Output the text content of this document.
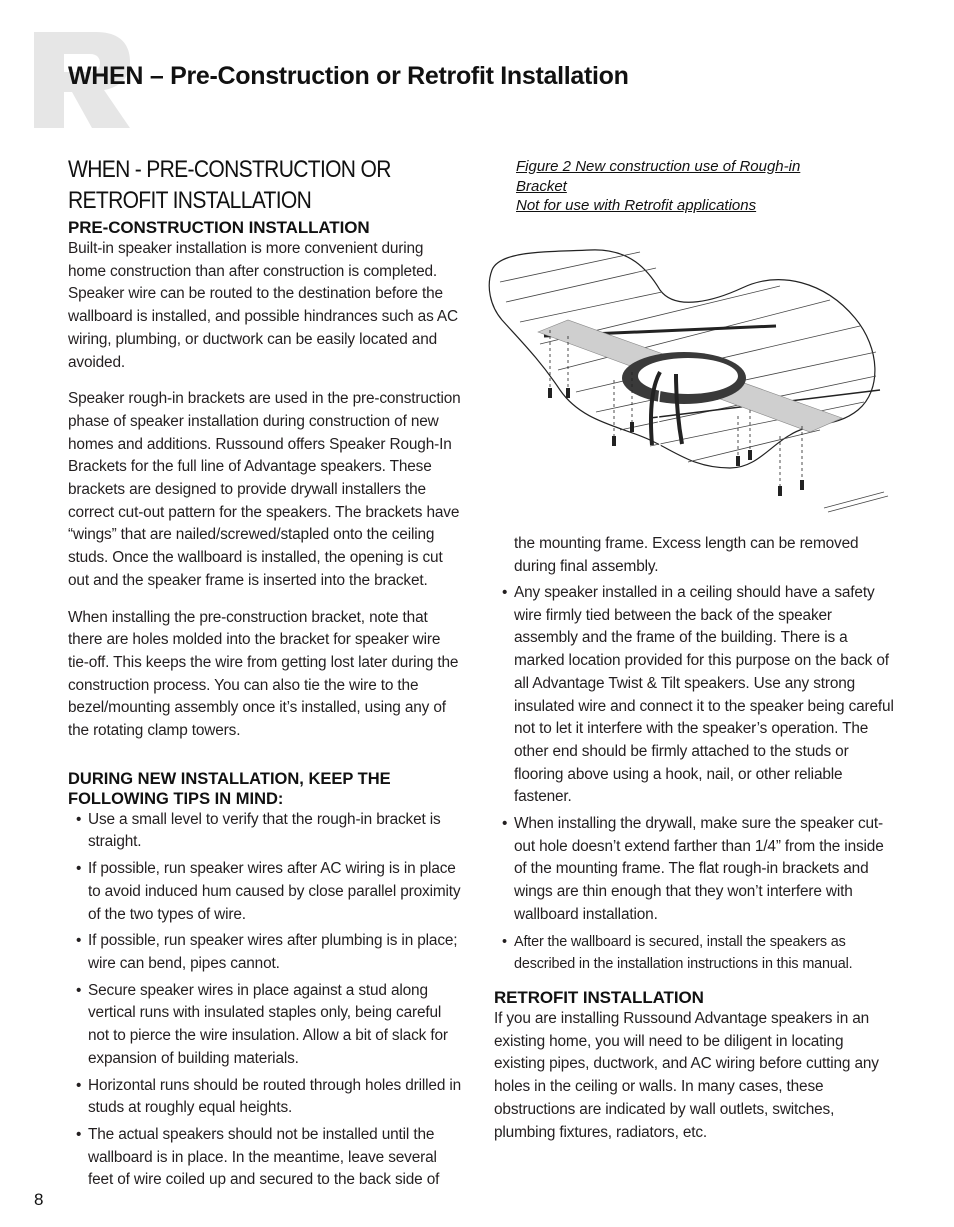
WHEN – Pre-Construction or Retrofit Installation
WHEN - PRE-CONSTRUCTION OR RETROFIT INSTALLATION
PRE-CONSTRUCTION INSTALLATION

Built-in speaker installation is more convenient during home construction than after construction is completed. Speaker wire can be routed to the destination before the wallboard is installed, and possible hindrances such as AC wiring, plumbing, or ductwork can be easily located and avoided.

Speaker rough-in brackets are used in the pre-construction phase of speaker installation during construction of new homes and additions. Russound offers Speaker Rough-In Brackets for the full line of Advantage speakers. These brackets are designed to provide drywall installers the correct cut-out pattern for the speakers. The brackets have “wings” that are nailed/screwed/stapled onto the ceiling studs. Once the wallboard is installed, the opening is cut out and the speaker frame is inserted into the bracket.

When installing the pre-construction bracket, note that there are holes molded into the bracket for speaker wire tie-off. This keeps the wire from getting lost later during the construction process. You can also tie the wire to the bezel/mounting assembly once it’s installed, using any of the rotating clamp towers.

DURING NEW INSTALLATION, KEEP THE FOLLOWING TIPS IN MIND:
• Use a small level to verify that the rough-in bracket is straight.
• If possible, run speaker wires after AC wiring is in place to avoid induced hum caused by close parallel proximity of the two types of wire.
• If possible, run speaker wires after plumbing is in place; wire can bend, pipes cannot.
• Secure speaker wires in place against a stud along vertical runs with insulated staples only, being careful not to pierce the wire insulation. Allow a bit of slack for expansion of building materials.
• Horizontal runs should be routed through holes drilled in studs at roughly equal heights.
• The actual speakers should not be installed until the wallboard is in place. In the meantime, leave several feet of wire coiled up and secured to the back side of
Figure 2 New construction use of Rough-in
Bracket
Not for use with Retrofit applications

the mounting frame. Excess length can be removed during final assembly.

• Any speaker installed in a ceiling should have a safety wire firmly tied between the back of the speaker assembly and the frame of the building. There is a marked location provided for this purpose on the back of all Advantage Twist & Tilt speakers. Use any strong insulated wire and connect it to the speaker being careful not to let it interfere with the speaker’s operation. The other end should be firmly attached to the studs or flooring above using a hook, nail, or other reliable fastener.
• When installing the drywall, make sure the speaker cut-out hole doesn’t extend farther than 1/4” from the inside of the mounting frame. The flat rough-in brackets and wings are thin enough that they won’t interfere with wallboard installation.
• After the wallboard is secured, install the speakers as described in the installation instructions in this manual.
RETROFIT INSTALLATION

If you are installing Russound Advantage speakers in an existing home, you will need to be diligent in locating existing pipes, ductwork, and AC wiring before cutting any holes in the ceiling or walls. In many cases, these obstructions are indicated by wall outlets, switches, plumbing fixtures, radiators, etc.

8
